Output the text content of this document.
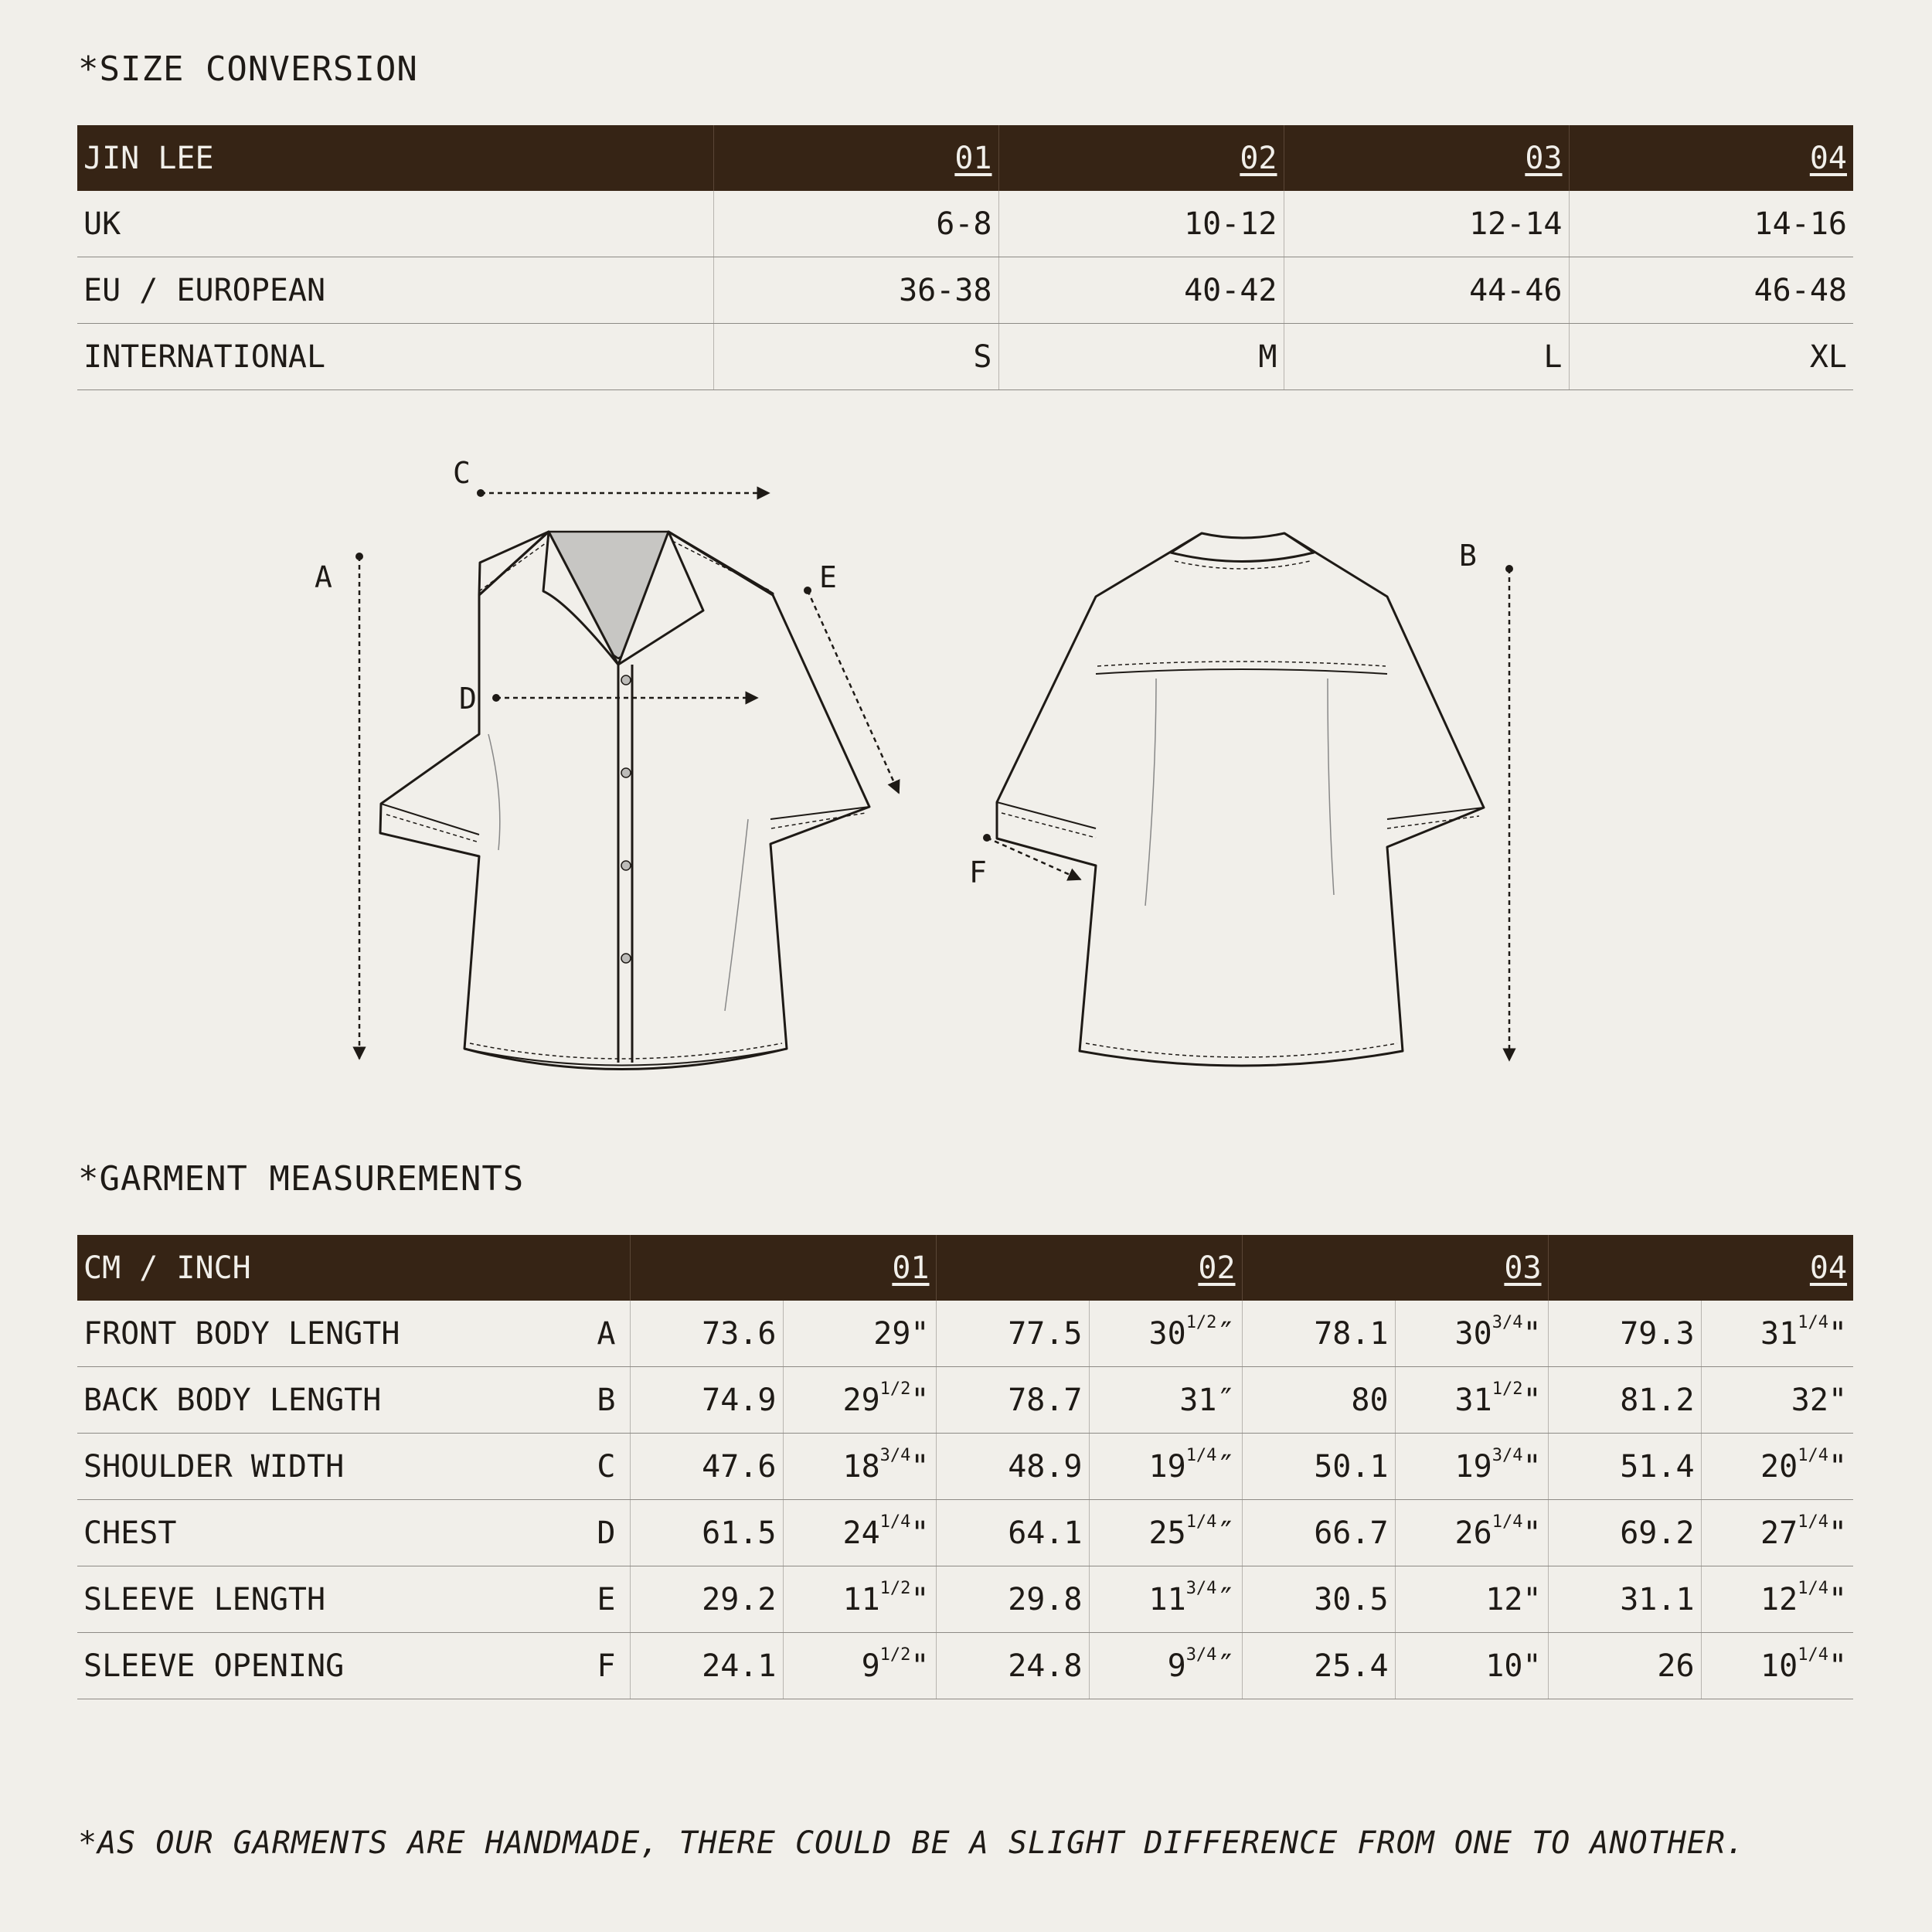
*SIZE CONVERSION
JIN LEE	01	02	03	04
UK	6-8	10-12	12-14	14-16
EU / EUROPEAN	36-38	40-42	44-46	46-48
INTERNATIONAL	S	M	L	XL
A
C
D
E
B
F
*GARMENT MEASUREMENTS
CM / INCH		01		02		03		04	
FRONT BODY LENGTH	A	73.6	29"	77.5	$30^{1/2}''$	78.1	$30^{3/4}$"	79.3	$31^{1/4}$"
BACK BODY LENGTH	B	74.9	$29^{1/2}$"	78.7	31″	80	$31^{1/2}$"	81.2	32"
SHOULDER WIDTH	C	47.6	$18^{3/4}$"	48.9	$19^{1/4}''$	50.1	$19^{3/4}$"	51.4	$20^{1/4}$"
CHEST	D	61.5	$24^{1/4}$"	64.1	$25^{1/4}''$	66.7	$26^{1/4}$"	69.2	$27^{1/4}$"
SLEEVE LENGTH	E	29.2	$11^{1/2}$"	29.8	$11^{3/4}''$	30.5	12"	31.1	$12^{1/4}$"
SLEEVE OPENING	F	24.1	$9^{1/2}$"	24.8	$9^{3/4}''$	25.4	10"	26	$10^{1/4}$"

*AS OUR GARMENTS ARE HANDMADE, THERE COULD BE A SLIGHT DIFFERENCE FROM ONE TO ANOTHER.
